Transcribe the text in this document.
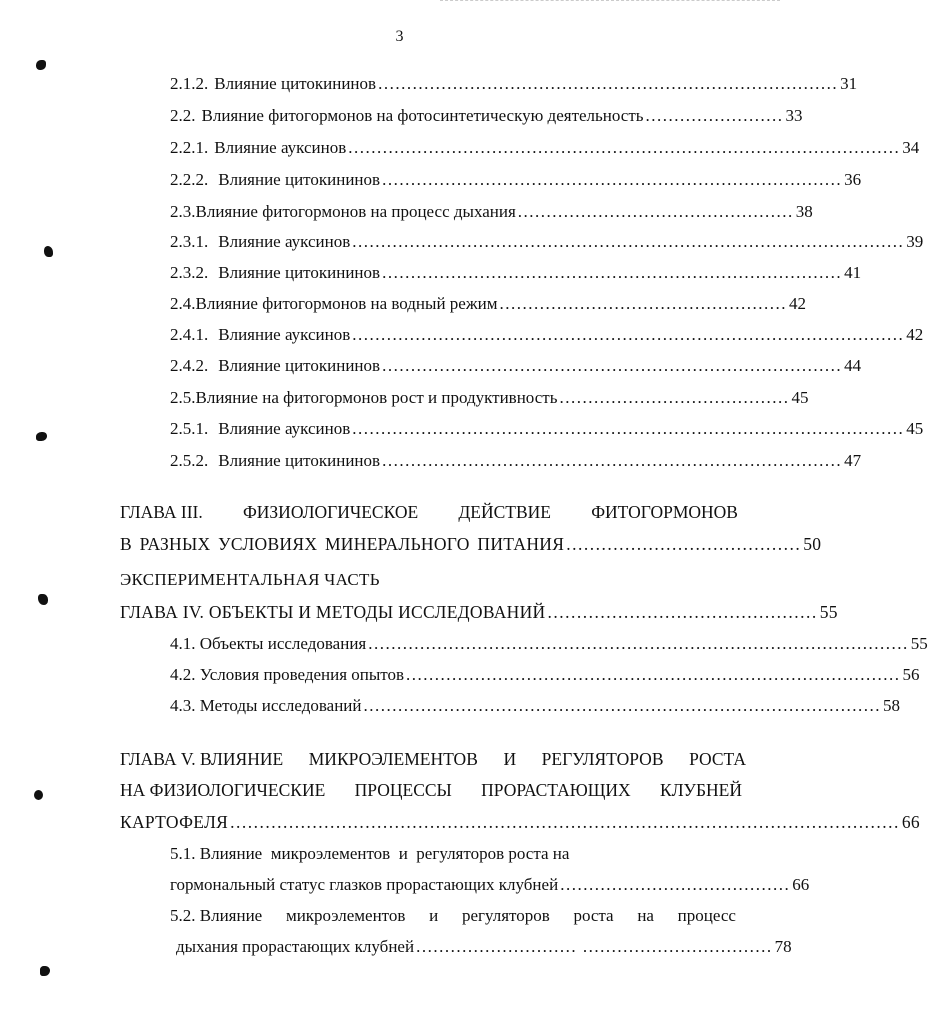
3
2.1.2. Влияние цитокининов ................................................................................ 31
2.2. Влияние фитогормонов на фотосинтетическую деятельность ........................ 33
2.2.1. Влияние ауксинов ................................................................................................ 34
2.2.2. Влияние цитокининов ................................................................................ 36
2.3. Влияние фитогормонов на процесс дыхания ................................................ 38
2.3.1. Влияние ауксинов ................................................................................................ 39
2.3.2. Влияние цитокининов ................................................................................ 41
2.4. Влияние фитогормонов на водный режим .................................................. 42
2.4.1. Влияние ауксинов ................................................................................................ 42
2.4.2. Влияние цитокининов ................................................................................ 44
2.5. Влияние на фитогормонов рост и продуктивность ........................................ 45
2.5.1. Влияние ауксинов ................................................................................................ 45
2.5.2. Влияние цитокининов ................................................................................ 47
ГЛАВА III. ФИЗИОЛОГИЧЕСКОЕ ДЕЙСТВИЕ ФИТОГОРМОНОВ
В РАЗНЫХ УСЛОВИЯХ МИНЕРАЛЬНОГО ПИТАНИЯ ........................................ 50
ЭКСПЕРИМЕНТАЛЬНАЯ ЧАСТЬ
ГЛАВА IV. ОБЪЕКТЫ И МЕТОДЫ ИССЛЕДОВАНИЙ .............................................. 55
4.1. Объекты исследования .............................................................................................. 55
4.2. Условия проведения опытов ...................................................................................... 56
4.3. Методы исследований .......................................................................................... 58
ГЛАВА V. ВЛИЯНИЕ МИКРОЭЛЕМЕНТОВ И РЕГУЛЯТОРОВ РОСТА
НА ФИЗИОЛОГИЧЕСКИЕ ПРОЦЕССЫ ПРОРАСТАЮЩИХ КЛУБНЕЙ
КАРТОФЕЛЯ .................................................................................................................. 66
5.1. Влияние  микроэлементов  и  регуляторов роста на
гормональный статус глазков прорастающих клубней ........................................ 66
5.2. Влияние микроэлементов и регуляторов роста на процесс
дыхания прорастающих клубней ............................ ................................. 78
